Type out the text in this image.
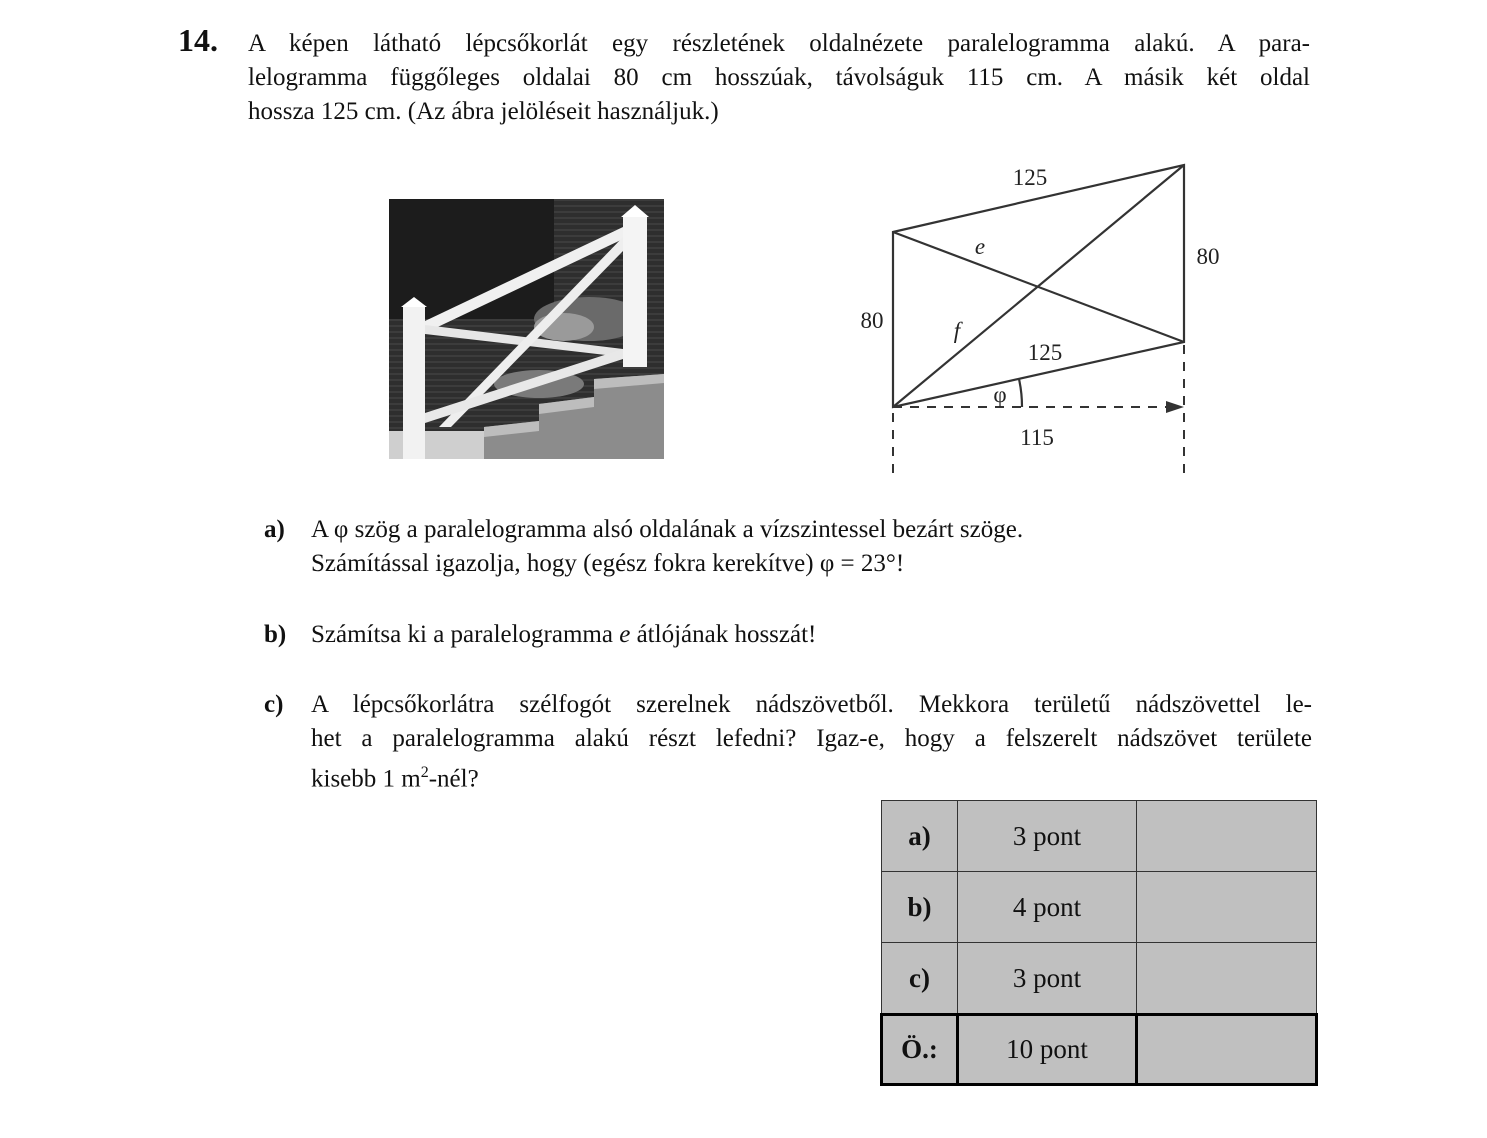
14. A képen látható lépcsőkorlát egy részletének oldalnézete paralelogramma alakú. A para-
lelogramma függőleges oldalai 80 cm hosszúak, távolságuk 115 cm. A másik két oldal
hossza 125 cm. (Az ábra jelöléseit használjuk.)

125
80
80
125
e
f
φ
115
a) A φ szög a paralelogramma alsó oldalának a vízszintessel bezárt szöge.
Számítással igazolja, hogy (egész fokra kerekítve) φ = 23°!
b) Számítsa ki a paralelogramma e átlójának hosszát!
c) A lépcsőkorlátra szélfogót szerelnek nádszövetből. Mekkora területű nádszövettel le-
het a paralelogramma alakú részt lefedni? Igaz-e, hogy a felszerelt nádszövet területe
kisebb 1 $m^2$-nél?
a)	3 pont	
b)	4 pont	
c)	3 pont	
Ö.:	10 pont	
